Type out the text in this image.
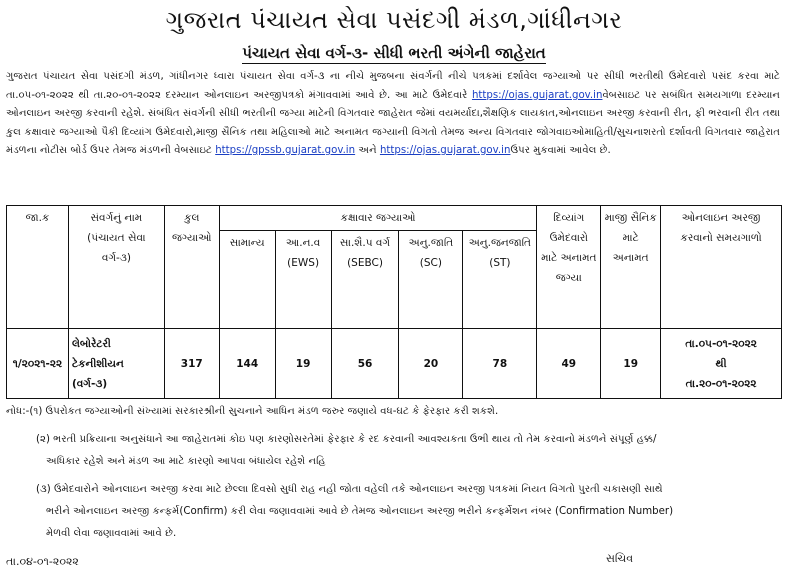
ગુજરાત પંચાયત સેવા પસંદગી મંડળ,ગાંધીનગર
પંચાયત સેવા વર્ગ-૩- સીધી ભરતી અંગેની જાહેરાત
ગુજરાત પંચાયત સેવા પસંદગી મંડળ, ગાંધીનગર ધ્વારા પંચાયત સેવા વર્ગ-૩ ના નીચે મુજબના સંવર્ગની નીચે પત્રકમાં દર્શાવેલ જગ્યાઓ પર સીધી ભરતીથી ઉમેદવારો પસંદ કરવા માટે તા.૦૫-૦૧-૨૦૨૨ થી તા.૨૦-૦૧-૨૦૨૨ દરમ્યાન ઓનલાઇન અરજીપત્રકો મંગાવવામાં આવે છે. આ માટે ઉમેદવારે https://ojas.gujarat.gov.inવેબસાઇટ પર સબંધિત સમયગાળા દરમ્યાન ઓનલાઇન અરજી કરવાની રહેશે. સંબંધિત સંવર્ગની સીધી ભરતીની જગ્યા માટેની વિગતવાર જાહેરાત જેમાં વયમર્યાદા,શૈક્ષણિક લાયકાત,ઓનલાઇન અરજી કરવાની રીત, ફી ભરવાની રીત તથા કુલ કક્ષાવાર જગ્યાઓ પૈકી દિવ્યાંગ ઉમેદવારો,માજી સૈનિક તથા મહિલાઓ માટે અનામત જગ્યાની વિગતો તેમજ અન્ય વિગતવાર જોગવાઇઓમાહિતી/સુચનાશરતો દર્શાવતી વિગતવાર જાહેરાત મંડળના નોટીસ બોર્ડ ઉપર તેમજ મંડળની વેબસાઇટ https://gpssb.gujarat.gov.in અને https://ojas.gujarat.gov.inઉપર મુકવામાં આવેલ છે.
જા.ક	સંવર્ગનું નામ (પંચાયત સેવા વર્ગ-૩)	કુલ જગ્યાઓ	કક્ષાવાર જગ્યાઓ					દિવ્યાંગ ઉમેદવારો માટે અનામત જગ્યા	માજી સૈનિક માટે અનામત	ઓનલાઇન અરજી કરવાનો સમયગાળો
			સામાન્ય	આ.ન.વ (EWS)	સા.શૈ.પ વર્ગ (SEBC)	અનુ.જાતિ (SC)	અનુ.જનજાતિ (ST)			
૧/૨૦૨૧-૨૨	લેબોરેટરી ટેકનીશીયન (વર્ગ-૩)	317	144	19	56	20	78	49	19	તા.૦૫-૦૧-૨૦૨૨
થી
તા.૨૦-૦૧-૨૦૨૨
નોધ:-(૧) ઉપરોકત જગ્યાઓની સંખ્યામાં સરકારશ્રીની સુચનાને આધિન મંડળ જરુર જણાયે વધ-ઘટ કે ફેરફાર કરી શકશે.
(૨) ભરતી પ્રક્રિયાના અનુસંધાને આ જાહેરાતમાં કોઇ પણ કારણોસરતેમાં ફેરફાર કે રદ કરવાની આવશ્યકતા ઉભી થાય તો તેમ કરવાનો મંડળને સંપૂર્ણ હક્ક/
અધિકાર રહેશે અને મંડળ આ માટે કારણો આપવા બંધાયેલ રહેશે નહિ
(૩) ઉમેદવારોને ઓનલાઇન અરજી કરવા માટે છેલ્લા દિવસો સુધી રાહ નહી જોતા વહેલી તકે ઓનલાઇન અરજી પત્રકમાં નિયત વિગતો પુરતી ચકાસણી સાથે
ભરીને ઓનલાઇન અરજી કન્ફર્મ(Confirm) કરી લેવા જણાવવામાં આવે છે તેમજ ઓનલાઇન અરજી ભરીને કન્ફર્મેશન નંબર (Confirmation Number)
મેળવી લેવા જણાવવામાં આવે છે.
તા.૦૪-૦૧-૨૦૨૨	સચિવ
